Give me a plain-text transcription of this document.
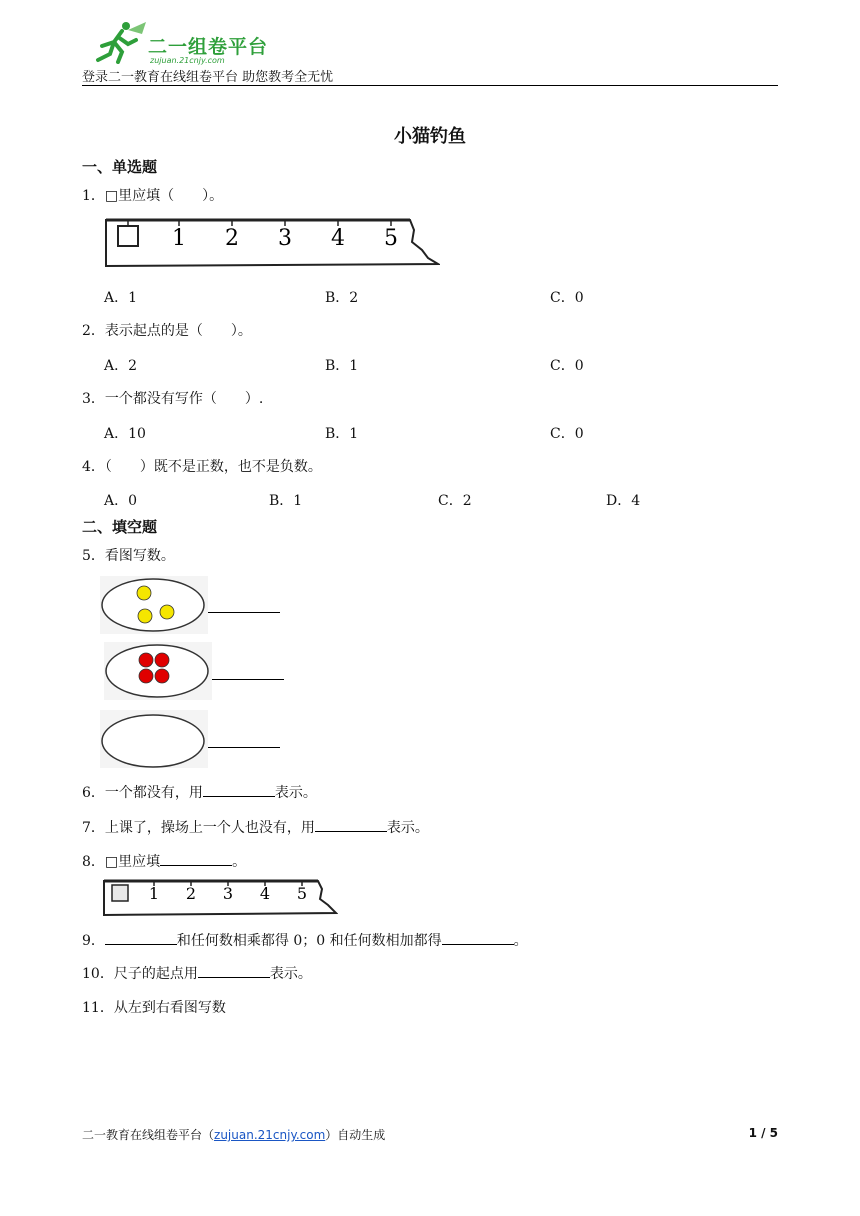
二一组卷平台
zujuan.21cnjy.com
登录二一教育在线组卷平台 助您教考全无忧
小猫钓鱼
一、单选题
1．□里应填（　　）。
1 2 3 4 5
A．1	B．2	C．0
2．表示起点的是（　　）。
A．2	B．1	C．0
3．一个都没有写作（　　）.
A．10	B．1	C．0
4．（　　）既不是正数，也不是负数。
A．0	B．1	C．2	D．4
二、填空题
5．看图写数。
6．一个都没有，用	表示。
7．上课了，操场上一个人也没有，用	表示。
8．□里应填	。
1 2 3 4 5
9．	和任何数相乘都得 0；0 和任何数相加都得	。
10．尺子的起点用	表示。
11．从左到右看图写数
二一教育在线组卷平台（zujuan.21cnjy.com）自动生成	1 / 5
